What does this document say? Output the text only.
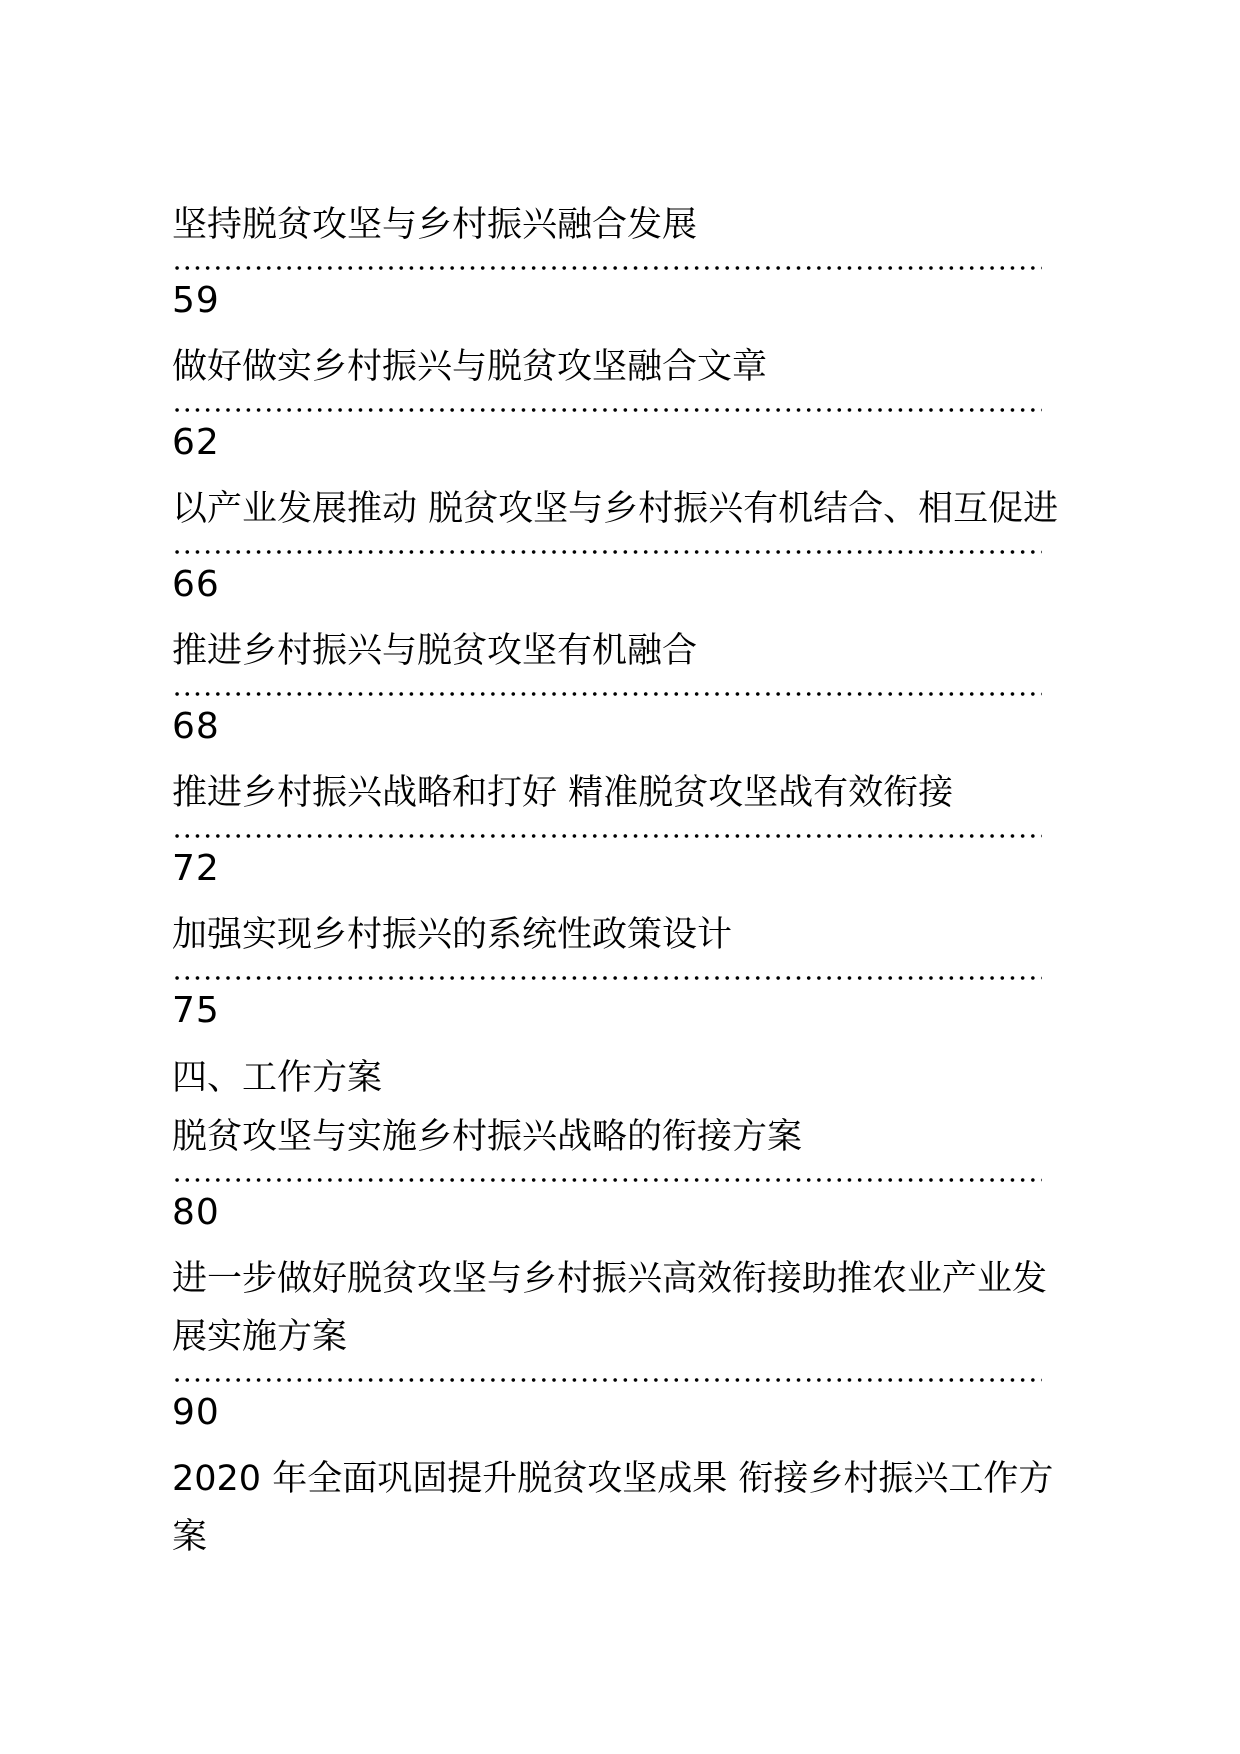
坚持脱贫攻坚与乡村振兴融合发展
59
做好做实乡村振兴与脱贫攻坚融合文章
62
以产业发展推动 脱贫攻坚与乡村振兴有机结合、相互促进
66
推进乡村振兴与脱贫攻坚有机融合
68
推进乡村振兴战略和打好 精准脱贫攻坚战有效衔接
72
加强实现乡村振兴的系统性政策设计
75
四、工作方案
脱贫攻坚与实施乡村振兴战略的衔接方案
80
进一步做好脱贫攻坚与乡村振兴高效衔接助推农业产业发展实施方案
90
2020 年全面巩固提升脱贫攻坚成果 衔接乡村振兴工作方案
